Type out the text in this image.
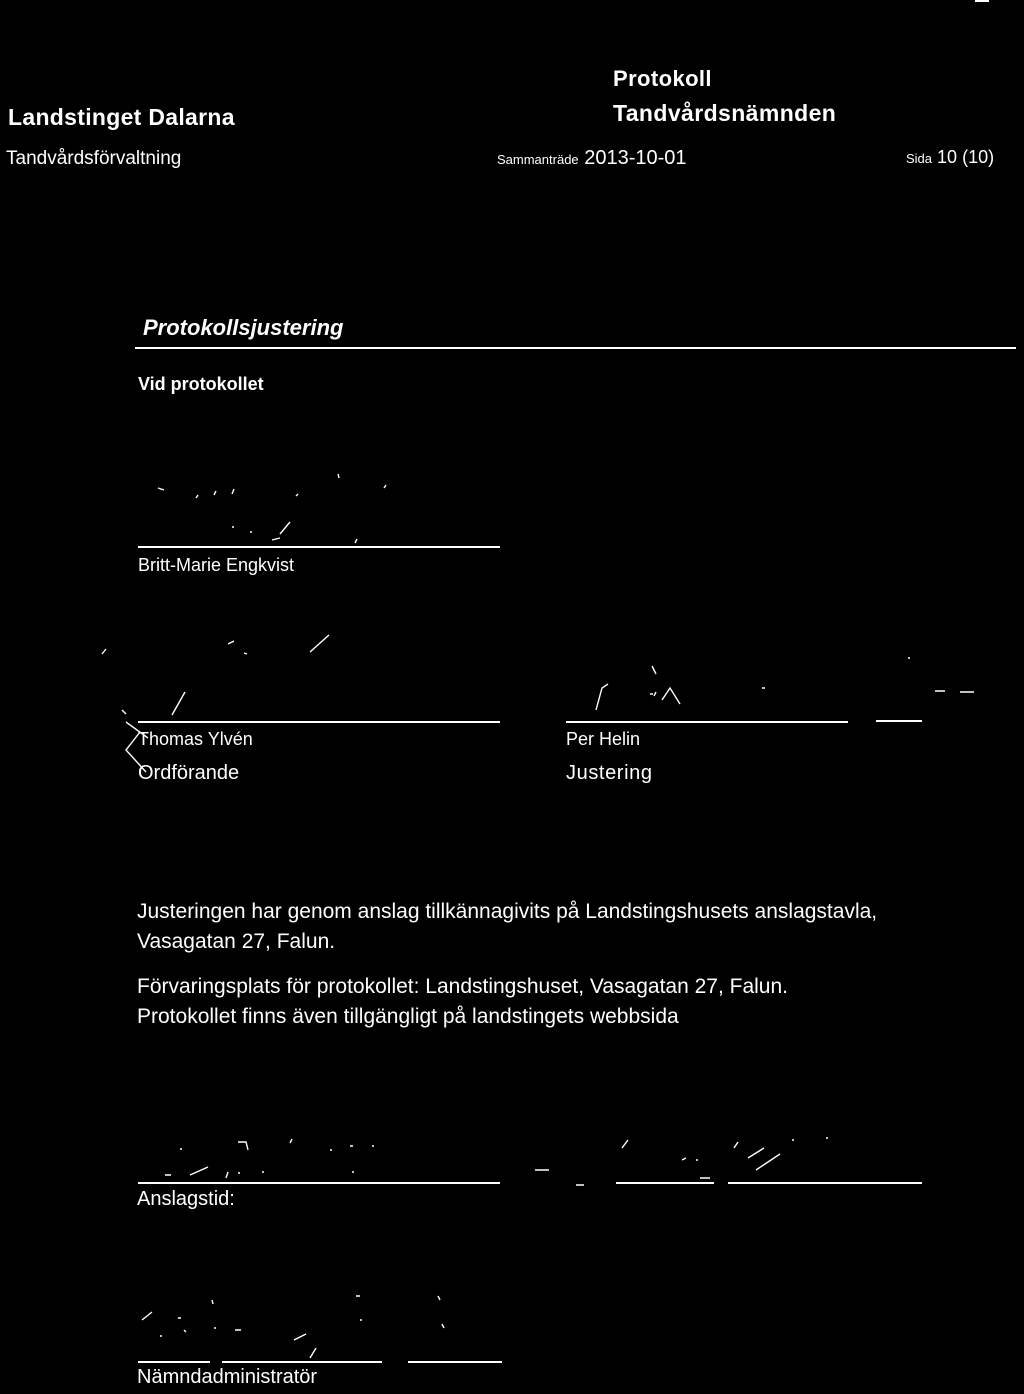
Landstinget Dalarna
Tandvårdsförvaltning
Protokoll
Tandvårdsnämnden
Sammanträde 2013-10-01	Sida 10 (10)
Protokollsjustering
Vid protokollet
Britt-Marie Engkvist
Thomas Ylvén
Ordförande
Per Helin
Justering
Justeringen har genom anslag tillkännagivits på Landstingshusets anslagstavla, Vasagatan 27, Falun.
Förvaringsplats för protokollet: Landstingshuset, Vasagatan 27, Falun.
Protokollet finns även tillgängligt på landstingets webbsida
Anslagstid:
Nämndadministratör
